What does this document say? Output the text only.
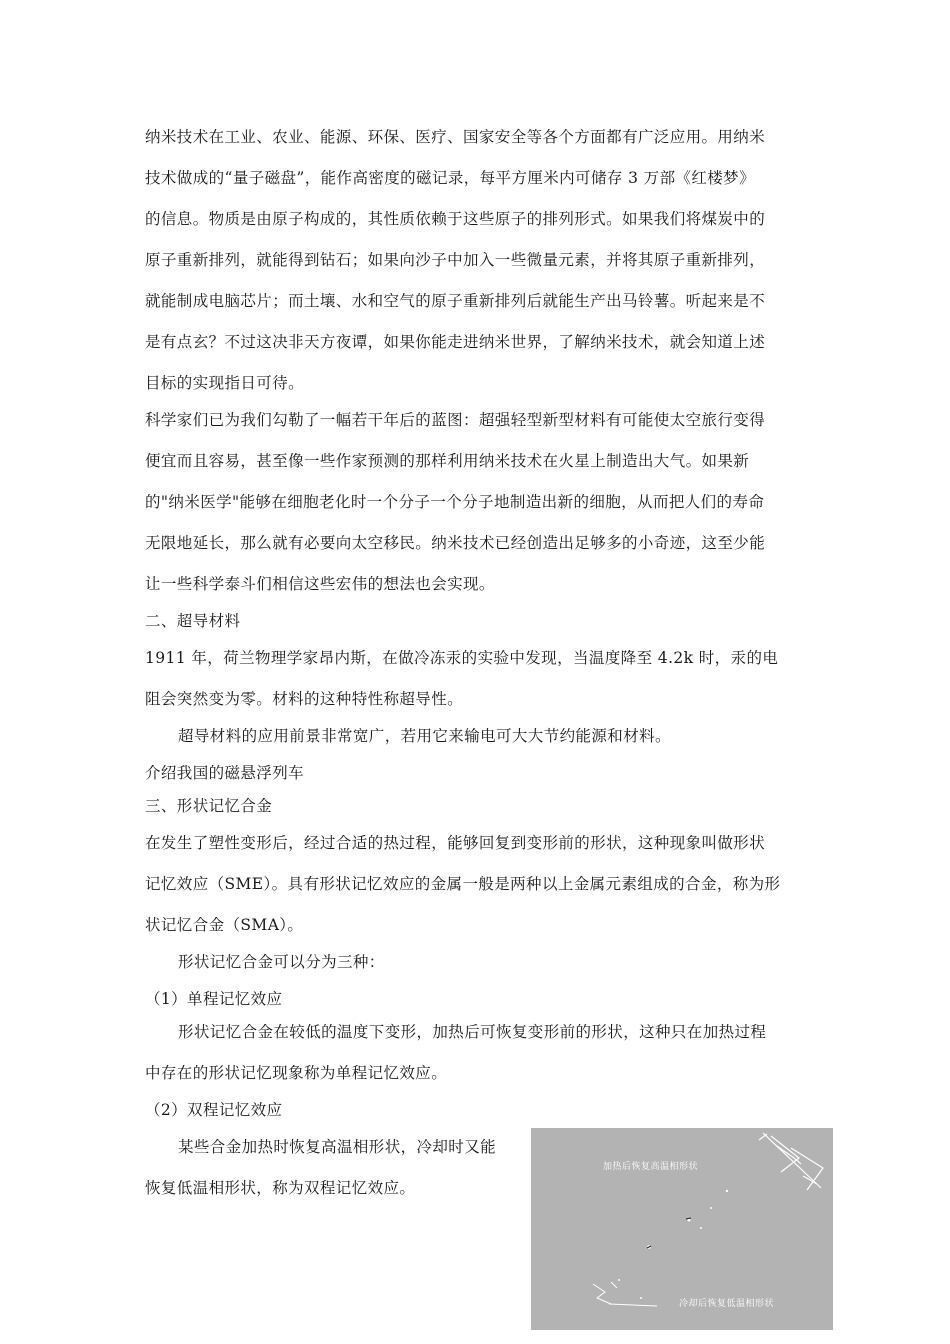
纳米技术在工业、农业、能源、环保、医疗、国家安全等各个方面都有广泛应用。用纳米
技术做成的“量子磁盘”，能作高密度的磁记录，每平方厘米内可储存 3 万部《红楼梦》
的信息。物质是由原子构成的，其性质依赖于这些原子的排列形式。如果我们将煤炭中的
原子重新排列，就能得到钻石；如果向沙子中加入一些微量元素，并将其原子重新排列，
就能制成电脑芯片；而土壤、水和空气的原子重新排列后就能生产出马铃薯。听起来是不
是有点玄？不过这决非天方夜谭，如果你能走进纳米世界，了解纳米技术，就会知道上述
目标的实现指日可待。
科学家们已为我们勾勒了一幅若干年后的蓝图：超强轻型新型材料有可能使太空旅行变得
便宜而且容易，甚至像一些作家预测的那样利用纳米技术在火星上制造出大气。如果新
的"纳米医学"能够在细胞老化时一个分子一个分子地制造出新的细胞，从而把人们的寿命
无限地延长，那么就有必要向太空移民。纳米技术已经创造出足够多的小奇迹，这至少能
让一些科学泰斗们相信这些宏伟的想法也会实现。
二、超导材料
1911 年，荷兰物理学家昂内斯，在做冷冻汞的实验中发现，当温度降至 4.2k 时，汞的电
阻会突然变为零。材料的这种特性称超导性。
超导材料的应用前景非常宽广，若用它来输电可大大节约能源和材料。
介绍我国的磁悬浮列车
三、形状记忆合金
在发生了塑性变形后，经过合适的热过程，能够回复到变形前的形状，这种现象叫做形状
记忆效应（SME）。具有形状记忆效应的金属一般是两种以上金属元素组成的合金，称为形
状记忆合金（SMA）。
形状记忆合金可以分为三种：
（1）单程记忆效应
形状记忆合金在较低的温度下变形，加热后可恢复变形前的形状，这种只在加热过程
中存在的形状记忆现象称为单程记忆效应。
（2）双程记忆效应
某些合金加热时恢复高温相形状，冷却时又能
恢复低温相形状，称为双程记忆效应。
加热后恢复高温相形状
冷却后恢复低温相形状
